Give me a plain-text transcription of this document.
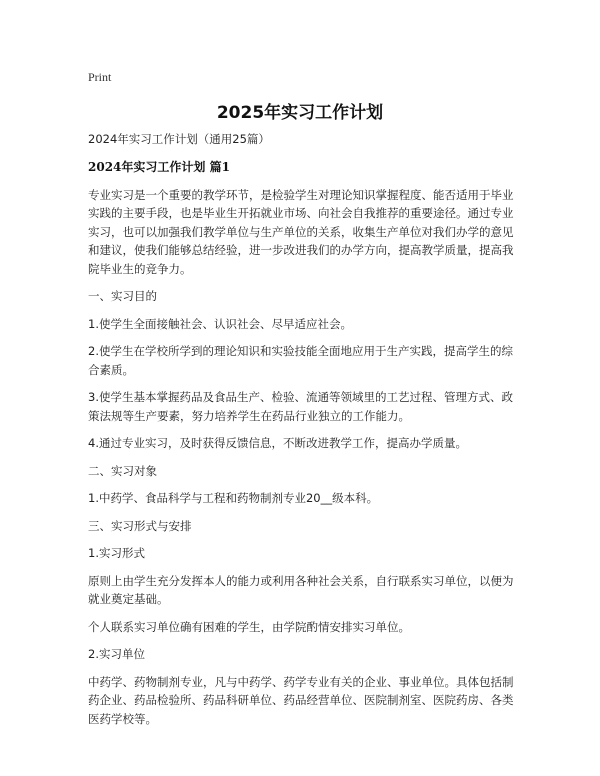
Print
2025年实习工作计划

2024年实习工作计划（通用25篇）

2024年实习工作计划 篇1

专业实习是一个重要的教学环节，是检验学生对理论知识掌握程度、能否适用于毕业实践的主要手段，也是毕业生开拓就业市场、向社会自我推荐的重要途径。通过专业实习，也可以加强我们教学单位与生产单位的关系，收集生产单位对我们办学的意见和建议，使我们能够总结经验，进一步改进我们的办学方向，提高教学质量，提高我院毕业生的竞争力。

一、实习目的

1.使学生全面接触社会、认识社会、尽早适应社会。

2.使学生在学校所学到的理论知识和实验技能全面地应用于生产实践，提高学生的综合素质。

3.使学生基本掌握药品及食品生产、检验、流通等领域里的工艺过程、管理方式、政策法规等生产要素，努力培养学生在药品行业独立的工作能力。

4.通过专业实习，及时获得反馈信息，不断改进教学工作，提高办学质量。

二、实习对象

1.中药学、食品科学与工程和药物制剂专业20__级本科。

三、实习形式与安排

1.实习形式

原则上由学生充分发挥本人的能力或利用各种社会关系，自行联系实习单位，以便为就业奠定基础。

个人联系实习单位确有困难的学生，由学院酌情安排实习单位。

2.实习单位

中药学、药物制剂专业，凡与中药学、药学专业有关的企业、事业单位。具体包括制药企业、药品检验所、药品科研单位、药品经营单位、医院制剂室、医院药房、各类医药学校等。
